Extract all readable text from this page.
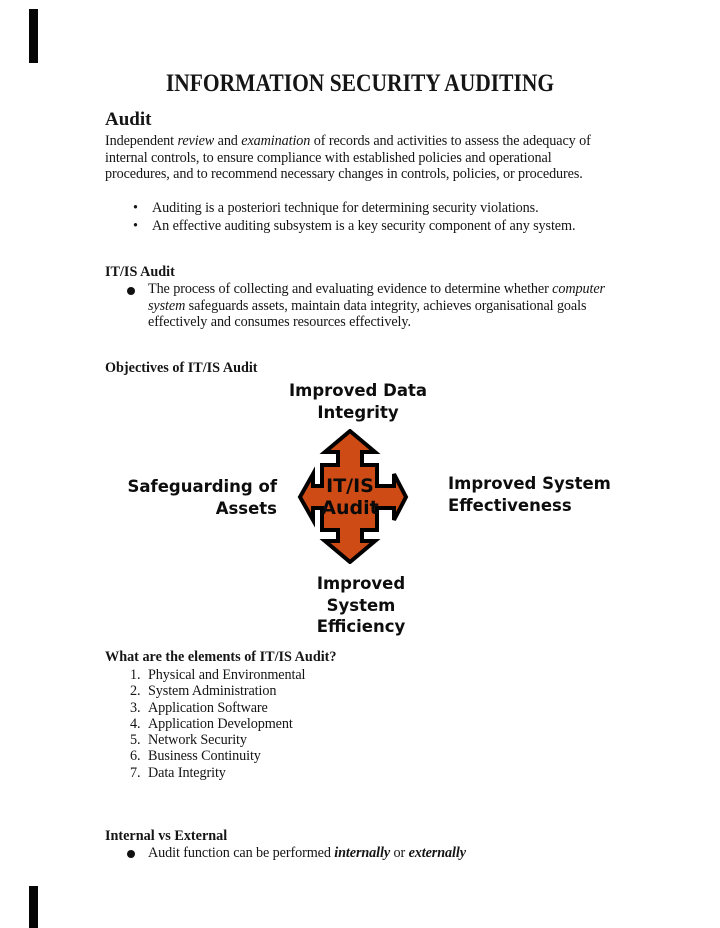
INFORMATION SECURITY AUDITING
Audit
Independent review and examination of records and activities to assess the adequacy of
internal controls, to ensure compliance with established policies and operational
procedures, and to recommend necessary changes in controls, policies, or procedures.
• Auditing is a posteriori technique for determining security violations.
• An effective auditing subsystem is a key security component of any system.
IT/IS Audit
The process of collecting and evaluating evidence to determine whether computer
system safeguards assets, maintain data integrity, achieves organisational goals
effectively and consumes resources effectively.
Objectives of IT/IS Audit
Improved Data
Integrity
Safeguarding of
Assets
Improved System
Effectiveness
Improved System
Efficiency
IT/IS
Audit
What are the elements of IT/IS Audit?
1. Physical and Environmental
2. System Administration
3. Application Software
4. Application Development
5. Network Security
6. Business Continuity
7. Data Integrity
Internal vs External
Audit function can be performed internally or externally
